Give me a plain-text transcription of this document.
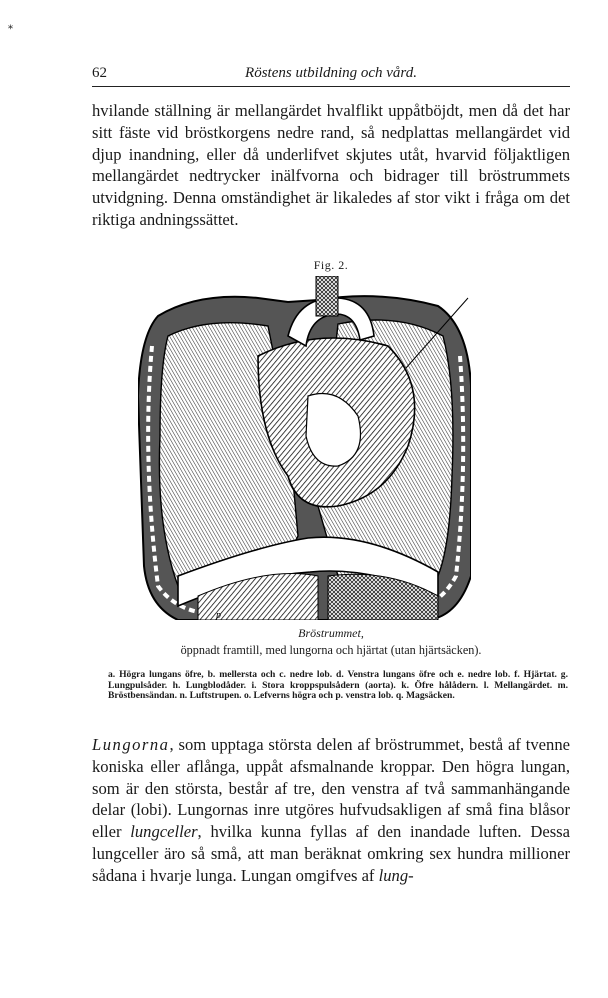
*
62	Röstens utbildning och vård.

hvilande ställning är mellangärdet hvalflikt uppåtböjdt, men då det har sitt fäste vid bröstkorgens nedre rand, så nedplattas mellangärdet vid djup inandning, eller då underlifvet skjutes utåt, hvarvid följaktligen mellangärdet nedtrycker inälfvorna och bidrager till bröstrummets utvidgning. Denna omständighet är likaledes af stor vikt i fråga om det riktiga andningssättet.

Fig. 2.
p
Bröstrummet,
öppnadt framtill, med lungorna och hjärtat (utan hjärtsäcken).

a. Högra lungans öfre, b. mellersta och c. nedre lob. d. Venstra lungans öfre och e. nedre lob. f. Hjärtat. g. Lungpulsåder. h. Lungblodåder. i. Stora kroppspulsådern (aorta). k. Öfre hålådern. l. Mellangärdet. m. Bröstbensändan. n. Luftstrupen. o. Lefverns högra och p. venstra lob. q. Magsäcken.

Lungorna, som upptaga största delen af bröstrummet, bestå af tvenne koniska eller aflånga, uppåt afsmalnande kroppar. Den högra lungan, som är den största, består af tre, den venstra af två sammanhängande delar (lobi). Lungornas inre utgöres hufvudsakligen af små fina blåsor eller lungceller, hvilka kunna fyllas af den inandade luften. Dessa lungceller äro så små, att man beräknat omkring sex hundra millioner sådana i hvarje lunga. Lungan omgifves af lung-
